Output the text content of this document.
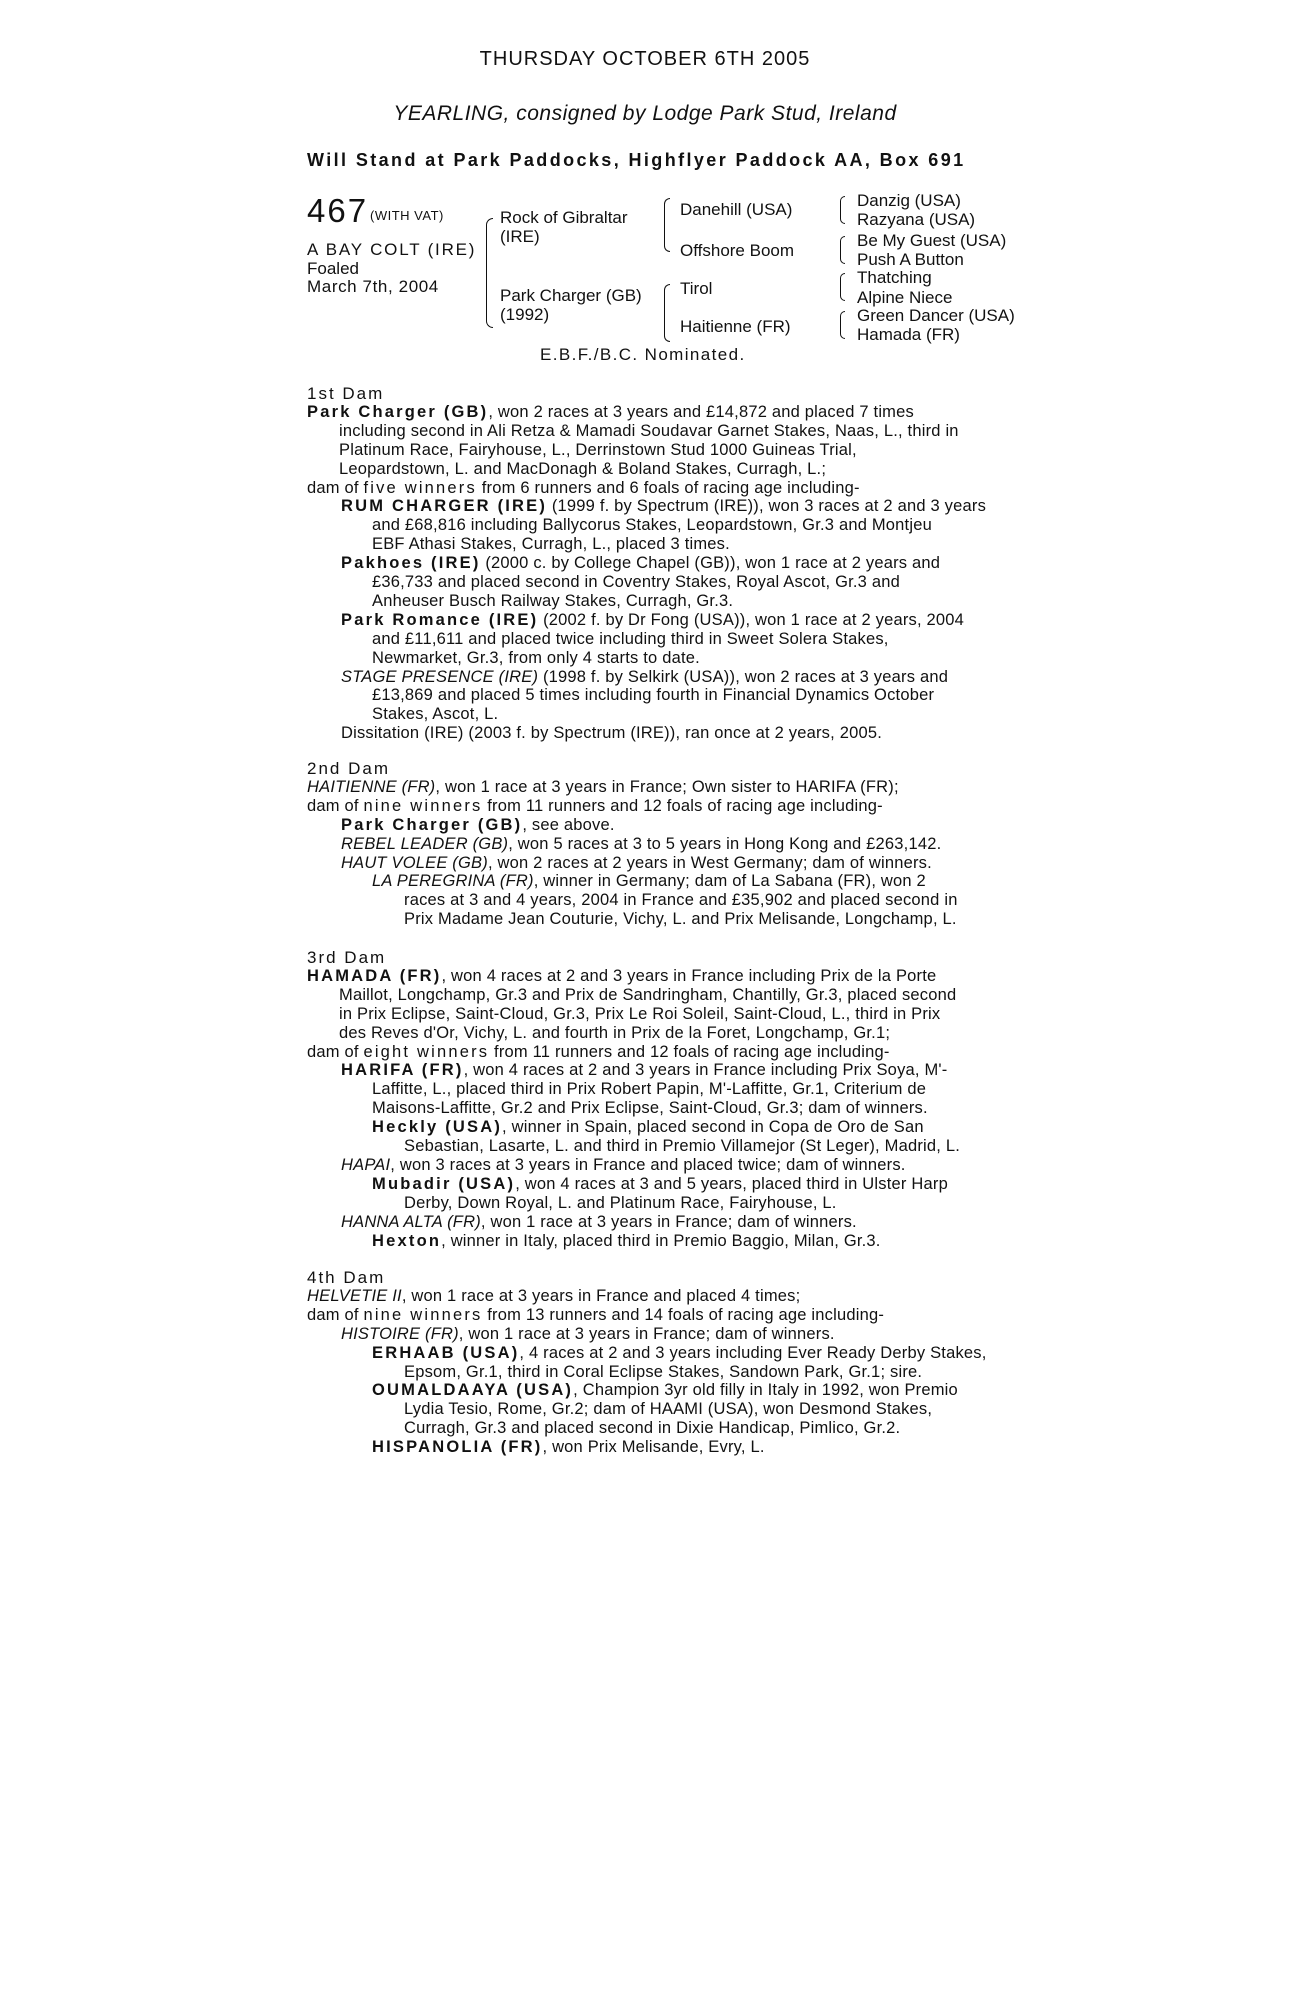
THURSDAY OCTOBER 6TH 2005
YEARLING, consigned by Lodge Park Stud, Ireland
Will Stand at Park Paddocks, Highflyer Paddock AA, Box 691
467 (WITH VAT)
A BAY COLT (IRE)
Foaled
March 7th, 2004
Rock of Gibraltar
(IRE)
Park Charger (GB)
(1992)
Danehill (USA)
Offshore Boom
Tirol
Haitienne (FR)
Danzig (USA)
Razyana (USA)
Be My Guest (USA)
Push A Button
Thatching
Alpine Niece
Green Dancer (USA)
Hamada (FR)
E.B.F./B.C. Nominated.
1st Dam
Park Charger (GB), won 2 races at 3 years and £14,872 and placed 7 times
including second in Ali Retza & Mamadi Soudavar Garnet Stakes, Naas, L., third in
Platinum Race, Fairyhouse, L., Derrinstown Stud 1000 Guineas Trial,
Leopardstown, L. and MacDonagh & Boland Stakes, Curragh, L.;
dam of five winners from 6 runners and 6 foals of racing age including-
RUM CHARGER (IRE) (1999 f. by Spectrum (IRE)), won 3 races at 2 and 3 years
and £68,816 including Ballycorus Stakes, Leopardstown, Gr.3 and Montjeu
EBF Athasi Stakes, Curragh, L., placed 3 times.
Pakhoes (IRE) (2000 c. by College Chapel (GB)), won 1 race at 2 years and
£36,733 and placed second in Coventry Stakes, Royal Ascot, Gr.3 and
Anheuser Busch Railway Stakes, Curragh, Gr.3.
Park Romance (IRE) (2002 f. by Dr Fong (USA)), won 1 race at 2 years, 2004
and £11,611 and placed twice including third in Sweet Solera Stakes,
Newmarket, Gr.3, from only 4 starts to date.
STAGE PRESENCE (IRE) (1998 f. by Selkirk (USA)), won 2 races at 3 years and
£13,869 and placed 5 times including fourth in Financial Dynamics October
Stakes, Ascot, L.
Dissitation (IRE) (2003 f. by Spectrum (IRE)), ran once at 2 years, 2005.
2nd Dam
HAITIENNE (FR), won 1 race at 3 years in France; Own sister to HARIFA (FR);
dam of nine winners from 11 runners and 12 foals of racing age including-
Park Charger (GB), see above.
REBEL LEADER (GB), won 5 races at 3 to 5 years in Hong Kong and £263,142.
HAUT VOLEE (GB), won 2 races at 2 years in West Germany; dam of winners.
LA PEREGRINA (FR), winner in Germany; dam of La Sabana (FR), won 2
races at 3 and 4 years, 2004 in France and £35,902 and placed second in
Prix Madame Jean Couturie, Vichy, L. and Prix Melisande, Longchamp, L.
3rd Dam
HAMADA (FR), won 4 races at 2 and 3 years in France including Prix de la Porte
Maillot, Longchamp, Gr.3 and Prix de Sandringham, Chantilly, Gr.3, placed second
in Prix Eclipse, Saint-Cloud, Gr.3, Prix Le Roi Soleil, Saint-Cloud, L., third in Prix
des Reves d'Or, Vichy, L. and fourth in Prix de la Foret, Longchamp, Gr.1;
dam of eight winners from 11 runners and 12 foals of racing age including-
HARIFA (FR), won 4 races at 2 and 3 years in France including Prix Soya, M'-
Laffitte, L., placed third in Prix Robert Papin, M'-Laffitte, Gr.1, Criterium de
Maisons-Laffitte, Gr.2 and Prix Eclipse, Saint-Cloud, Gr.3; dam of winners.
Heckly (USA), winner in Spain, placed second in Copa de Oro de San
Sebastian, Lasarte, L. and third in Premio Villamejor (St Leger), Madrid, L.
HAPAI, won 3 races at 3 years in France and placed twice; dam of winners.
Mubadir (USA), won 4 races at 3 and 5 years, placed third in Ulster Harp
Derby, Down Royal, L. and Platinum Race, Fairyhouse, L.
HANNA ALTA (FR), won 1 race at 3 years in France; dam of winners.
Hexton, winner in Italy, placed third in Premio Baggio, Milan, Gr.3.
4th Dam
HELVETIE II, won 1 race at 3 years in France and placed 4 times;
dam of nine winners from 13 runners and 14 foals of racing age including-
HISTOIRE (FR), won 1 race at 3 years in France; dam of winners.
ERHAAB (USA), 4 races at 2 and 3 years including Ever Ready Derby Stakes,
Epsom, Gr.1, third in Coral Eclipse Stakes, Sandown Park, Gr.1; sire.
OUMALDAAYA (USA), Champion 3yr old filly in Italy in 1992, won Premio
Lydia Tesio, Rome, Gr.2; dam of HAAMI (USA), won Desmond Stakes,
Curragh, Gr.3 and placed second in Dixie Handicap, Pimlico, Gr.2.
HISPANOLIA (FR), won Prix Melisande, Evry, L.
